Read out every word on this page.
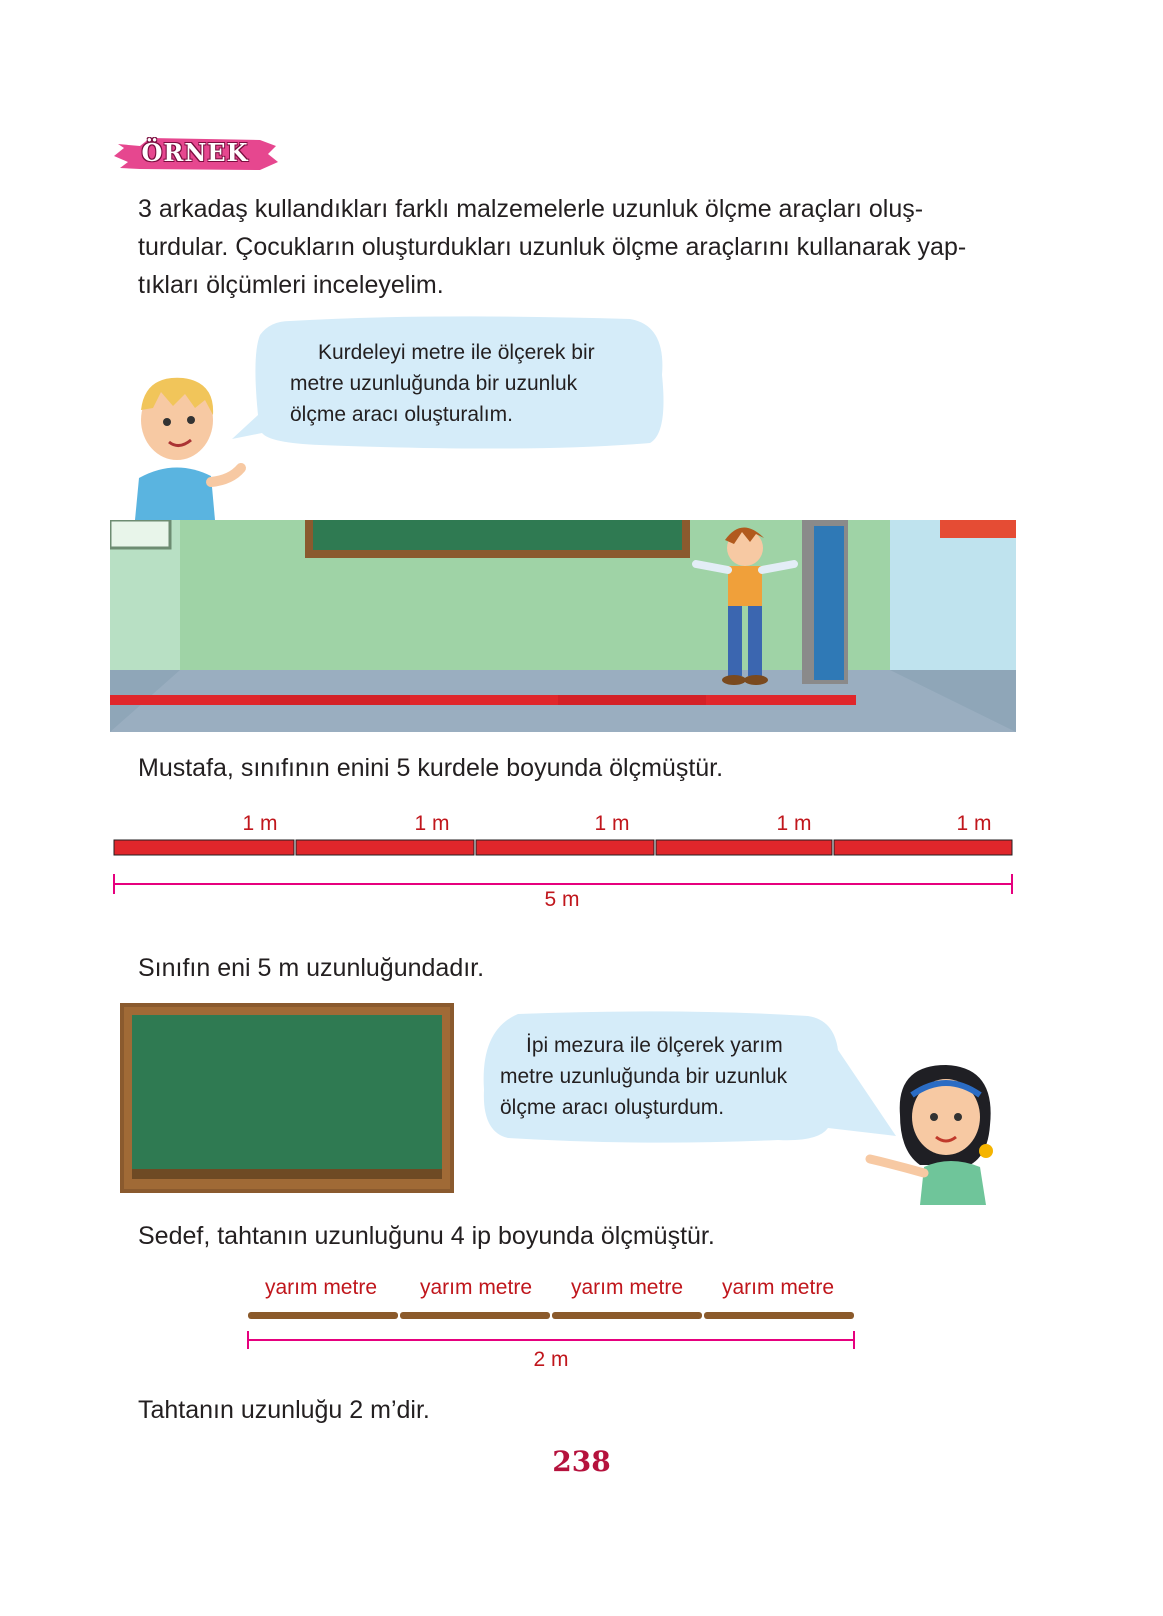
ÖRNEK
3 arkadaş kullandıkları farklı malzemelerle uzunluk ölçme araçları oluş-
turdular. Çocukların oluşturdukları uzunluk ölçme araçlarını kullanarak yap-
tıkları ölçümleri inceleyelim.
Kurdeleyi metre ile ölçerek bir
metre uzunluğunda bir uzunluk
ölçme aracı oluşturalım.
Mustafa, sınıfının enini 5 kurdele boyunda ölçmüştür.
1 m	1 m	1 m	1 m	1 m
5 m
Sınıfın eni 5 m uzunluğundadır.
İpi mezura ile ölçerek yarım
metre uzunluğunda bir uzunluk
ölçme aracı oluşturdum.
Sedef, tahtanın uzunluğunu 4 ip boyunda ölçmüştür.
yarım metre	yarım metre	yarım metre	yarım metre
2 m
Tahtanın uzunluğu 2 m’dir.
238
